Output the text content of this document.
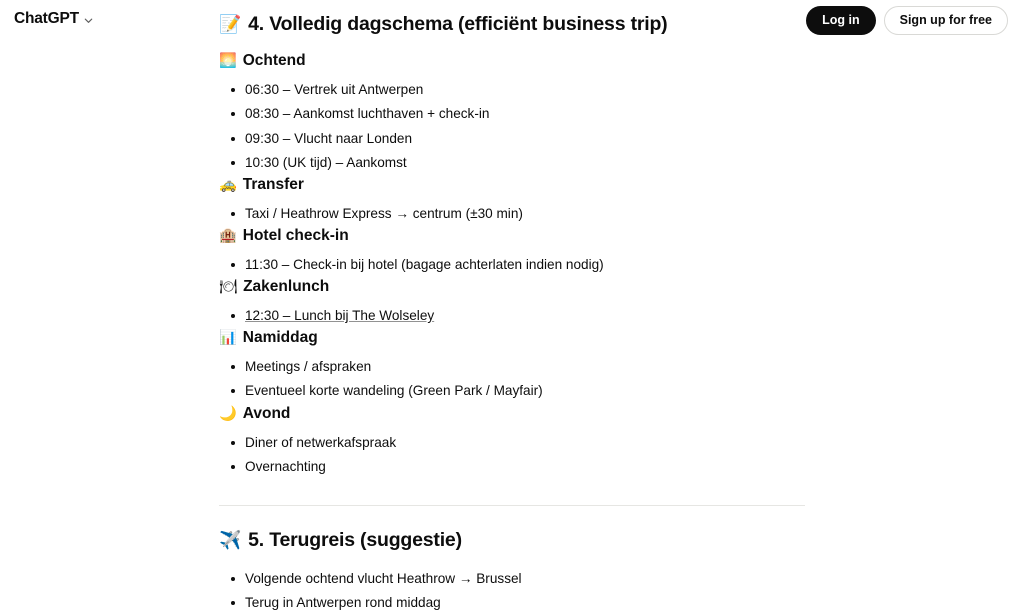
ChatGPT	Log in	Sign up for free
📝 4. Volledig dagschema (efficiënt business trip)
🌅 Ochtend
06:30 – Vertrek uit Antwerpen
08:30 – Aankomst luchthaven + check-in
09:30 – Vlucht naar Londen
10:30 (UK tijd) – Aankomst
🚕 Transfer
Taxi / Heathrow Express → centrum (±30 min)
🏨 Hotel check-in
11:30 – Check-in bij hotel (bagage achterlaten indien nodig)
🍽 Zakenlunch
12:30 – Lunch bij The Wolseley
📊 Namiddag
Meetings / afspraken
Eventueel korte wandeling (Green Park / Mayfair)
🌙 Avond
Diner of netwerkafspraak
Overnachting
✈️ 5. Terugreis (suggestie)
Volgende ochtend vlucht Heathrow → Brussel
Terug in Antwerpen rond middag
